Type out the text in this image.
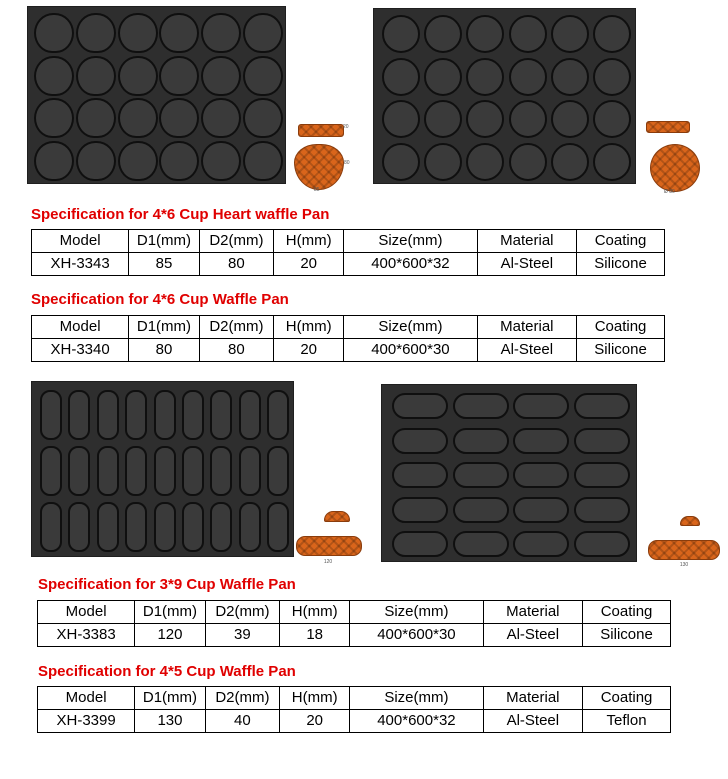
20
80
85	Ø 80
Specification for 4*6 Cup Heart waffle Pan
Model	D1(mm)	D2(mm)	H(mm)	Size(mm)	Material	Coating
XH-3343	85	80	20	400*600*32	Al-Steel	Silicone
Specification for 4*6 Cup Waffle Pan
Model	D1(mm)	D2(mm)	H(mm)	Size(mm)	Material	Coating
XH-3340	80	80	20	400*600*30	Al-Steel	Silicone
120	130
Specification for 3*9 Cup Waffle Pan
Model	D1(mm)	D2(mm)	H(mm)	Size(mm)	Material	Coating
XH-3383	120	39	18	400*600*30	Al-Steel	Silicone
Specification for 4*5 Cup Waffle Pan
Model	D1(mm)	D2(mm)	H(mm)	Size(mm)	Material	Coating
XH-3399	130	40	20	400*600*32	Al-Steel	Teflon
